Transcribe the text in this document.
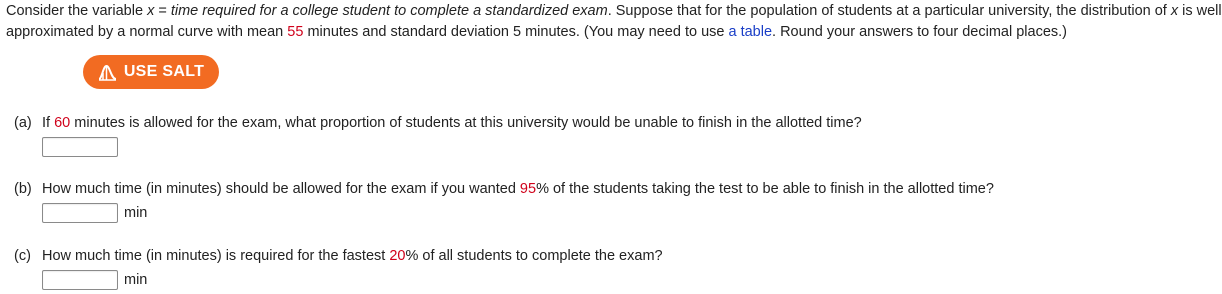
Consider the variable x = time required for a college student to complete a standardized exam. Suppose that for the population of students at a particular university, the distribution of x is well
approximated by a normal curve with mean 55 minutes and standard deviation 5 minutes. (You may need to use a table. Round your answers to four decimal places.)
USE SALT
(a) If 60 minutes is allowed for the exam, what proportion of students at this university would be unable to finish in the allotted time?
(b) How much time (in minutes) should be allowed for the exam if you wanted 95% of the students taking the test to be able to finish in the allotted time?
min
(c) How much time (in minutes) is required for the fastest 20% of all students to complete the exam?
min
